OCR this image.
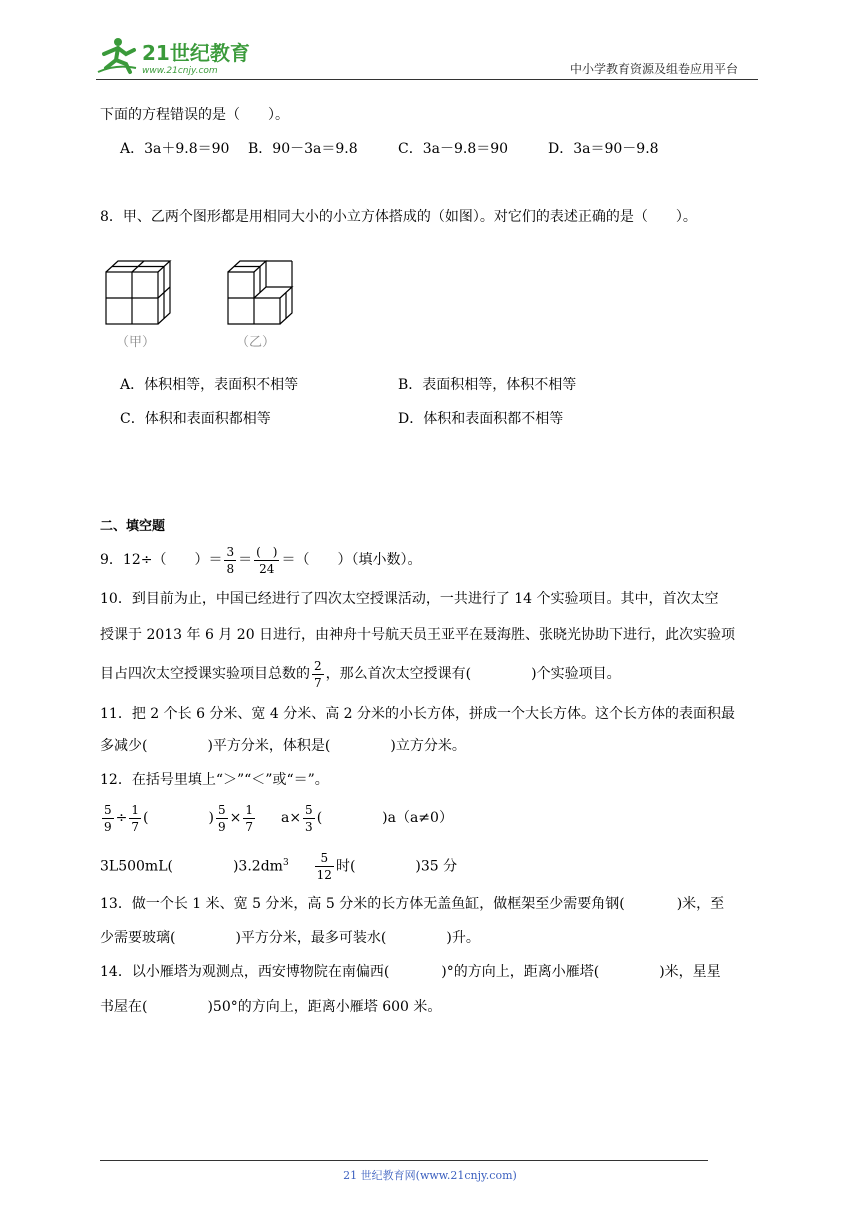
21世纪教育
www.21cnjy.com	中小学教育资源及组卷应用平台
下面的方程错误的是（　　）。
A．3a＋9.8＝90 B．90－3a＝9.8	C．3a－9.8＝90	D．3a＝90－9.8
8．甲、乙两个图形都是用相同大小的小立方体搭成的（如图）。对它们的表述正确的是（　　）。
（甲）	（乙）
A．体积相等，表面积不相等	B．表面积相等，体积不相等
C．体积和表面积都相等	D．体积和表面积都不相等
二、填空题
9．12÷（　　）＝ $\frac{3}{8} = \frac{( )}{24}$ ＝（　　）（填小数）。
10．到目前为止，中国已经进行了四次太空授课活动，一共进行了 14 个实验项目。其中，首次太空
授课于 2013 年 6 月 20 日进行，由神舟十号航天员王亚平在聂海胜、张晓光协助下进行，此次实验项
目占四次太空授课实验项目总数的 $\frac{2}{7}$ ，那么首次太空授课有(	)个实验项目。
11．把 2 个长 6 分米、宽 4 分米、高 2 分米的小长方体，拼成一个大长方体。这个长方体的表面积最
多减少(	)平方分米，体积是(	)立方分米。
12．在括号里填上“＞”“＜”或“＝”。
$\frac{5}{9} \div \frac{1}{7}$ (	) $\frac{5}{9} \times \frac{1}{7} a\times \frac{5}{3}$ (	)a（a≠0）
3L500mL(	)$3.2dm^3 \frac{5}{12}$ 时(	)35 分
13．做一个长 1 米、宽 5 分米，高 5 分米的长方体无盖鱼缸，做框架至少需要角钢(	)米，至
少需要玻璃(	)平方分米，最多可装水(	)升。
14．以小雁塔为观测点，西安博物院在南偏西(	)°的方向上，距离小雁塔(	)米，星星
书屋在(	)50°的方向上，距离小雁塔 600 米。
21 世纪教育网(www.21cnjy.com)
